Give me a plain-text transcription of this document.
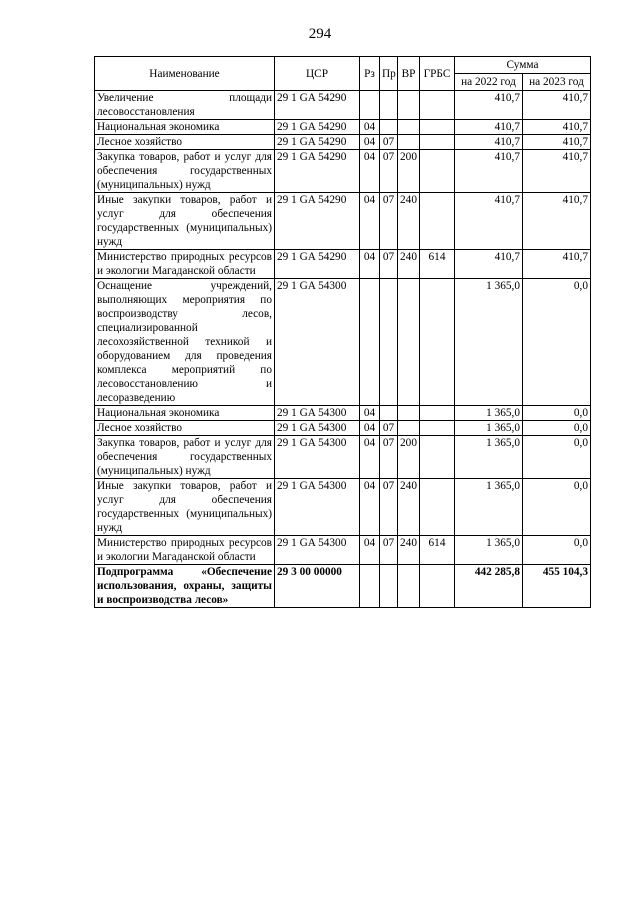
294
Наименование	ЦСР	Рз	Пр	ВР	ГРБС	Сумма	
						на 2022 год	на 2023 год
Увеличение площади лесовосстановления	29 1 GA 54290					410,7	410,7
Национальная экономика	29 1 GA 54290	04				410,7	410,7
Лесное хозяйство	29 1 GA 54290	04	07			410,7	410,7
Закупка товаров, работ и услуг для обеспечения государственных (муниципальных) нужд	29 1 GA 54290	04	07	200		410,7	410,7
Иные закупки товаров, работ и услуг для обеспечения государственных (муниципальных) нужд	29 1 GA 54290	04	07	240		410,7	410,7
Министерство природных ресурсов и экологии Магаданской области	29 1 GA 54290	04	07	240	614	410,7	410,7
Оснащение учреждений, выполняющих мероприятия по воспроизводству лесов, специализированной лесохозяйственной техникой и оборудованием для проведения комплекса мероприятий по лесовосстановлению и лесоразведению	29 1 GA 54300					1 365,0	0,0
Национальная экономика	29 1 GA 54300	04				1 365,0	0,0
Лесное хозяйство	29 1 GA 54300	04	07			1 365,0	0,0
Закупка товаров, работ и услуг для обеспечения государственных (муниципальных) нужд	29 1 GA 54300	04	07	200		1 365,0	0,0
Иные закупки товаров, работ и услуг для обеспечения государственных (муниципальных) нужд	29 1 GA 54300	04	07	240		1 365,0	0,0
Министерство природных ресурсов и экологии Магаданской области	29 1 GA 54300	04	07	240	614	1 365,0	0,0
Подпрограмма «Обеспечение использования, охраны, защиты и воспроизводства лесов»	29 3 00 00000					442 285,8	455 104,3
